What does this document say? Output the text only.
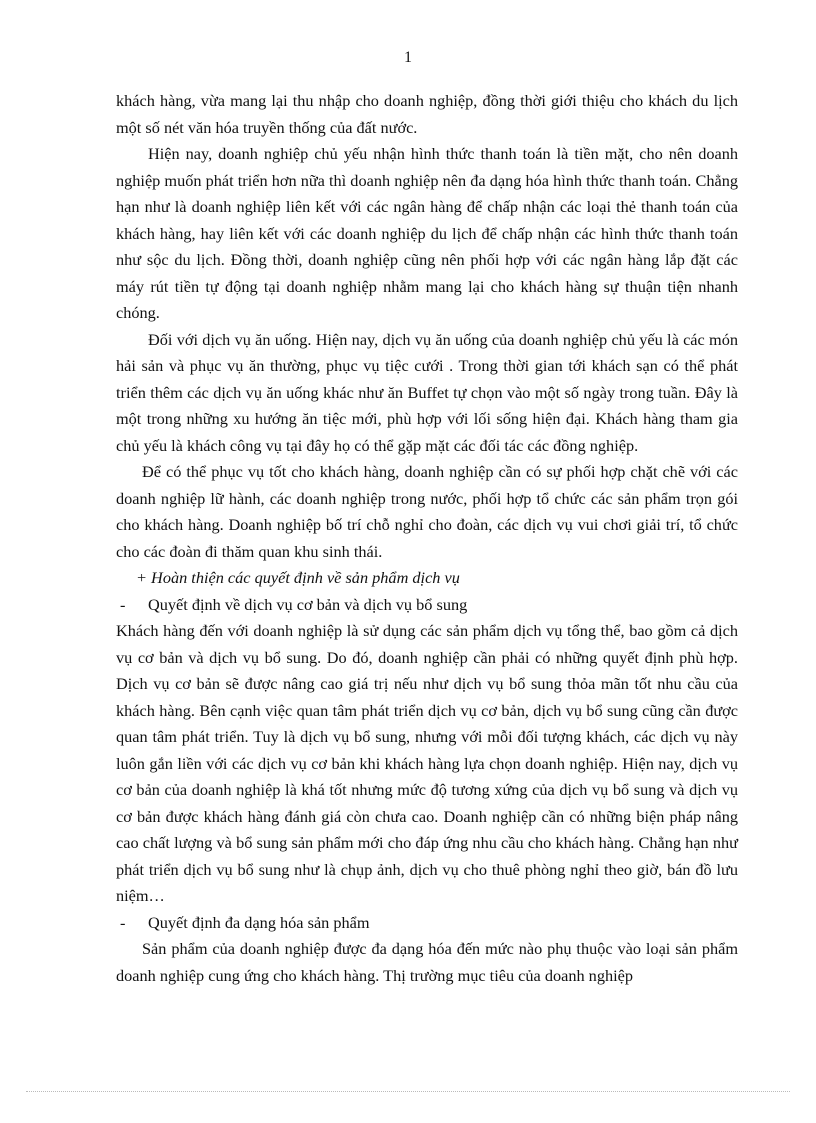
1

khách hàng, vừa mang lại thu nhập cho doanh nghiệp, đồng thời giới thiệu cho khách du lịch một số nét văn hóa truyền thống của đất nước.

Hiện nay, doanh nghiệp chủ yếu nhận hình thức thanh toán là tiền mặt, cho nên doanh nghiệp muốn phát triển hơn nữa thì doanh nghiệp nên đa dạng hóa hình thức thanh toán. Chẳng hạn như là doanh nghiệp liên kết với các ngân hàng để chấp nhận các loại thẻ thanh toán của khách hàng, hay liên kết với các doanh nghiệp du lịch để chấp nhận các hình thức thanh toán như sộc du lịch. Đồng thời, doanh nghiệp cũng nên phối hợp với các ngân hàng lắp đặt các máy rút tiền tự động tại doanh nghiệp nhằm mang lại cho khách hàng sự thuận tiện nhanh chóng.

Đối với dịch vụ ăn uống. Hiện nay, dịch vụ ăn uống của doanh nghiệp chủ yếu là các món hải sản và phục vụ ăn thường, phục vụ tiệc cưới . Trong thời gian tới khách sạn có thể phát triển thêm các dịch vụ ăn uống khác như ăn Buffet tự chọn vào một số ngày trong tuần. Đây là một trong những xu hướng ăn tiệc mới, phù hợp với lối sống hiện đại. Khách hàng tham gia chủ yếu là khách công vụ tại đây họ có thể gặp mặt các đối tác các đồng nghiệp.

Để có thể phục vụ tốt cho khách hàng, doanh nghiệp cần có sự phối hợp chặt chẽ với các doanh nghiệp lữ hành, các doanh nghiệp trong nước, phối hợp tổ chức các sản phẩm trọn gói cho khách hàng. Doanh nghiệp bố trí chỗ nghỉ cho đoàn, các dịch vụ vui chơi giải trí, tổ chức cho các đoàn đi thăm quan khu sinh thái.

+ Hoàn thiện các quyết định về sản phẩm dịch vụ

- Quyết định về dịch vụ cơ bản và dịch vụ bổ sung

Khách hàng đến với doanh nghiệp là sử dụng các sản phẩm dịch vụ tổng thể, bao gồm cả dịch vụ cơ bản và dịch vụ bổ sung. Do đó, doanh nghiệp cần phải có những quyết định phù hợp. Dịch vụ cơ bản sẽ được nâng cao giá trị nếu như dịch vụ bổ sung thỏa mãn tốt nhu cầu của khách hàng. Bên cạnh việc quan tâm phát triển dịch vụ cơ bản, dịch vụ bổ sung cũng cần được quan tâm phát triển. Tuy là dịch vụ bổ sung, nhưng với mỗi đối tượng khách, các dịch vụ này luôn gắn liền với các dịch vụ cơ bản khi khách hàng lựa chọn doanh nghiệp. Hiện nay, dịch vụ cơ bản của doanh nghiệp là khá tốt nhưng mức độ tương xứng của dịch vụ bổ sung và dịch vụ cơ bản được khách hàng đánh giá còn chưa cao. Doanh nghiệp cần có những biện pháp nâng cao chất lượng và bổ sung sản phẩm mới cho đáp ứng nhu cầu cho khách hàng. Chẳng hạn như phát triển dịch vụ bổ sung như là chụp ảnh, dịch vụ cho thuê phòng nghỉ theo giờ, bán đồ lưu niệm…

- Quyết định đa dạng hóa sản phẩm

Sản phẩm của doanh nghiệp được đa dạng hóa đến mức nào phụ thuộc vào loại sản phẩm doanh nghiệp cung ứng cho khách hàng. Thị trường mục tiêu của doanh nghiệp
